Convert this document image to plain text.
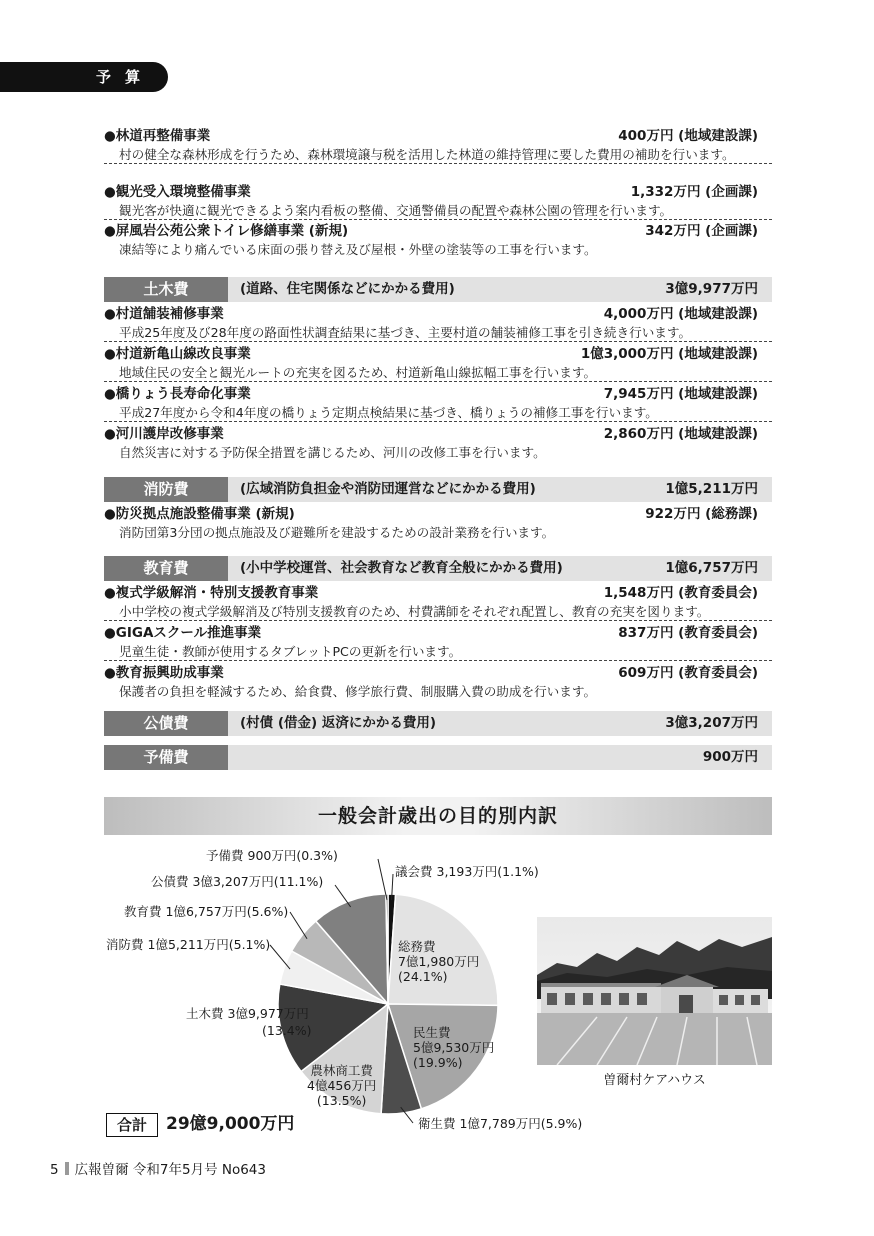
予算
●林道再整備事業	400万円 (地域建設課)
村の健全な森林形成を行うため、森林環境譲与税を活用した林道の維持管理に要した費用の補助を行います。
●観光受入環境整備事業	1,332万円 (企画課)
観光客が快適に観光できるよう案内看板の整備、交通警備員の配置や森林公園の管理を行います。
●屏風岩公苑公衆トイレ修繕事業 (新規)	342万円 (企画課)
凍結等により痛んでいる床面の張り替え及び屋根・外壁の塗装等の工事を行います。
土木費	(道路、住宅関係などにかかる費用)	3億9,977万円
●村道舗装補修事業	4,000万円 (地域建設課)
平成25年度及び28年度の路面性状調査結果に基づき、主要村道の舗装補修工事を引き続き行います。
●村道新亀山線改良事業	1億3,000万円 (地域建設課)
地域住民の安全と観光ルートの充実を図るため、村道新亀山線拡幅工事を行います。
●橋りょう長寿命化事業	7,945万円 (地域建設課)
平成27年度から令和4年度の橋りょう定期点検結果に基づき、橋りょうの補修工事を行います。
●河川護岸改修事業	2,860万円 (地域建設課)
自然災害に対する予防保全措置を講じるため、河川の改修工事を行います。
消防費	(広域消防負担金や消防団運営などにかかる費用)	1億5,211万円
●防災拠点施設整備事業 (新規)	922万円 (総務課)
消防団第3分団の拠点施設及び避難所を建設するための設計業務を行います。
教育費	(小中学校運営、社会教育など教育全般にかかる費用)	1億6,757万円
●複式学級解消・特別支援教育事業	1,548万円 (教育委員会)
小中学校の複式学級解消及び特別支援教育のため、村費講師をそれぞれ配置し、教育の充実を図ります。
●GIGAスクール推進事業	837万円 (教育委員会)
児童生徒・教師が使用するタブレットPCの更新を行います。
●教育振興助成事業	609万円 (教育委員会)
保護者の負担を軽減するため、給食費、修学旅行費、制服購入費の助成を行います。
公債費	(村債 (借金) 返済にかかる費用)	3億3,207万円
予備費	900万円
一般会計歳出の目的別内訳
予備費 900万円(0.3%)
公債費 3億3,207万円(11.1%)
教育費 1億6,757万円(5.6%)
消防費 1億5,211万円(5.1%)
土木費 3億9,977万円
(13.4%)
議会費 3,193万円(1.1%)
衛生費 1億7,789万円(5.9%)
総務費
7億1,980万円
(24.1%)
民生費
5億9,530万円
(19.9%)
農林商工費
4億456万円
(13.5%)
合計	29億9,000万円
曽爾村ケアハウス
5 広報曽爾 令和7年5月号 No643
